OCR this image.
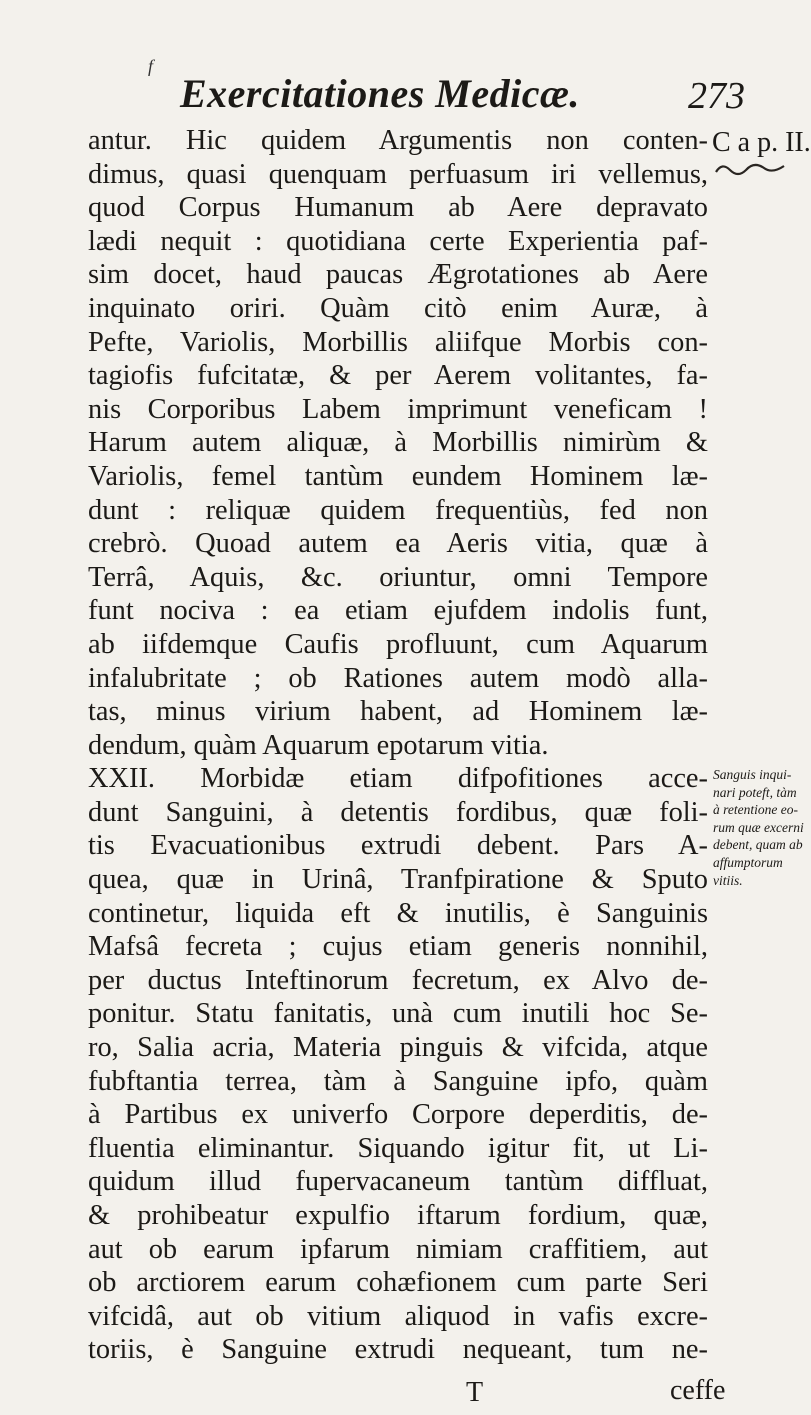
f
Exercitationes Medicæ.	273
C a p. II.
antur. Hic quidem Argumentis non conten-
dimus, quasi quenquam perfuasum iri vellemus,
quod Corpus Humanum ab Aere depravato
lædi nequit : quotidiana certe Experientia paf-
sim docet, haud paucas Ægrotationes ab Aere
inquinato oriri. Quàm citò enim Auræ, à
Pefte, Variolis, Morbillis aliifque Morbis con-
tagiofis fufcitatæ, & per Aerem volitantes, fa-
nis Corporibus Labem imprimunt veneficam !
Harum autem aliquæ, à Morbillis nimirùm &
Variolis, femel tantùm eundem Hominem læ-
dunt : reliquæ quidem frequentiùs, fed non
crebrò. Quoad autem ea Aeris vitia, quæ à
Terrâ, Aquis, &c. oriuntur, omni Tempore
funt nociva : ea etiam ejufdem indolis funt,
ab iifdemque Caufis profluunt, cum Aquarum
infalubritate ; ob Rationes autem modò alla-
tas, minus virium habent, ad Hominem læ-
dendum, quàm Aquarum epotarum vitia.
XXII. Morbidæ etiam difpofitiones acce-
dunt Sanguini, à detentis fordibus, quæ foli-
tis Evacuationibus extrudi debent. Pars A-
quea, quæ in Urinâ, Tranfpiratione & Sputo
continetur, liquida eft & inutilis, è Sanguinis
Mafsâ fecreta ; cujus etiam generis nonnihil,
per ductus Inteftinorum fecretum, ex Alvo de-
ponitur. Statu fanitatis, unà cum inutili hoc Se-
ro, Salia acria, Materia pinguis & vifcida, atque
fubftantia terrea, tàm à Sanguine ipfo, quàm
à Partibus ex univerfo Corpore deperditis, de-
fluentia eliminantur. Siquando igitur fit, ut Li-
quidum illud fupervacaneum tantùm diffluat,
& prohibeatur expulfio iftarum fordium, quæ,
aut ob earum ipfarum nimiam craffitiem, aut
ob arctiorem earum cohæfionem cum parte Seri
vifcidâ, aut ob vitium aliquod in vafis excre-
toriis, è Sanguine extrudi nequeant, tum ne-
Sanguis inqui-
nari poteft, tàm
à retentione eo-
rum quæ excerni
debent, quam ab
affumptorum
vitiis.
T	ceffe
